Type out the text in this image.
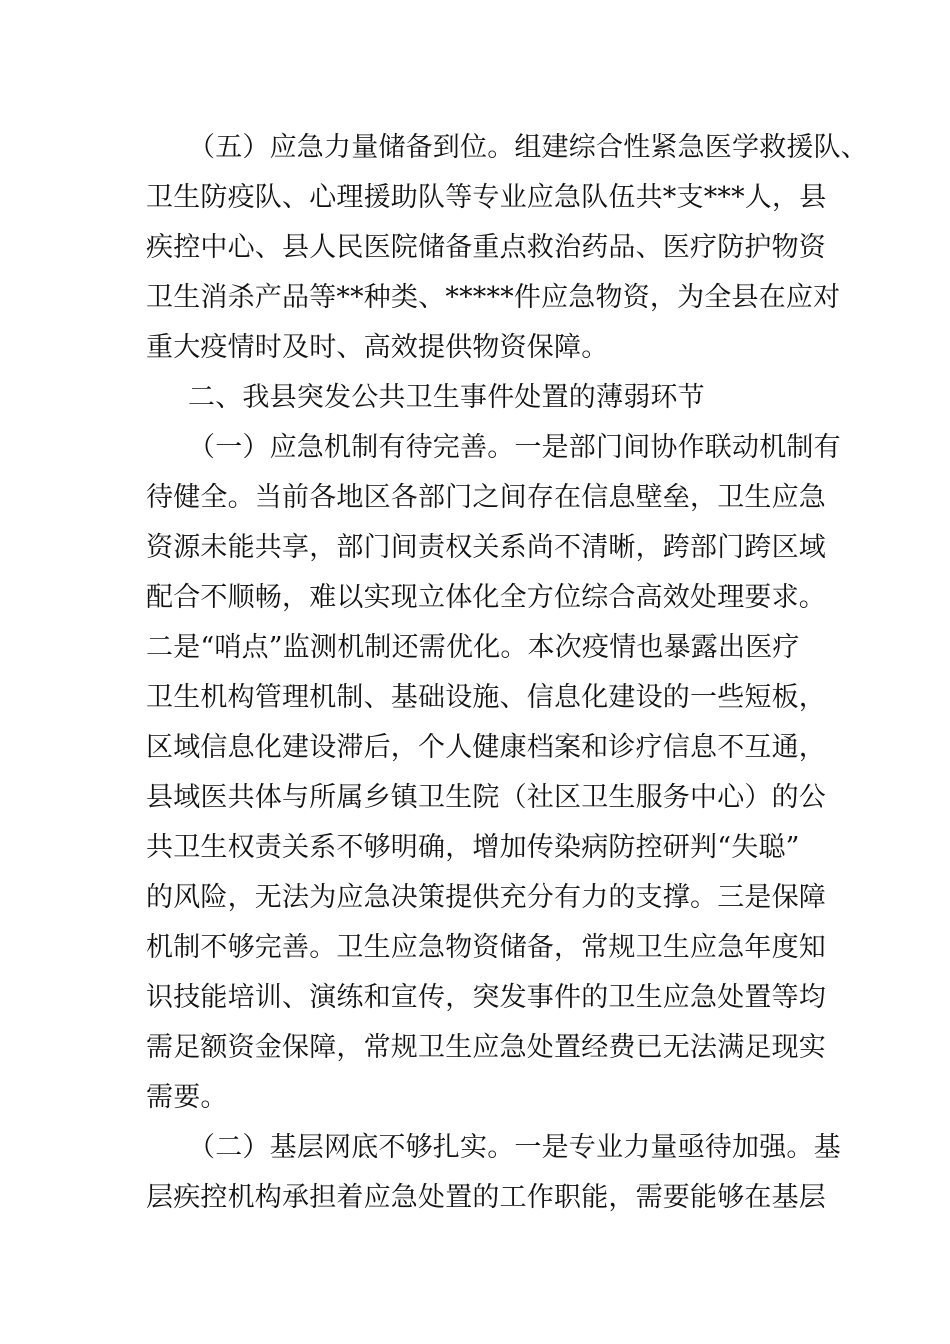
（五）应急力量储备到位。组建综合性紧急医学救援队、

卫生防疫队、心理援助队等专业应急队伍共*支***人，县

疾控中心、县人民医院储备重点救治药品、医疗防护物资

卫生消杀产品等**种类、*****件应急物资，为全县在应对

重大疫情时及时、高效提供物资保障。

二、我县突发公共卫生事件处置的薄弱环节

（一）应急机制有待完善。一是部门间协作联动机制有

待健全。当前各地区各部门之间存在信息壁垒，卫生应急

资源未能共享，部门间责权关系尚不清晰，跨部门跨区域

配合不顺畅，难以实现立体化全方位综合高效处理要求。

二是“哨点”监测机制还需优化。本次疫情也暴露出医疗

卫生机构管理机制、基础设施、信息化建设的一些短板，

区域信息化建设滞后，个人健康档案和诊疗信息不互通，

县域医共体与所属乡镇卫生院（社区卫生服务中心）的公

共卫生权责关系不够明确，增加传染病防控研判“失聪”

的风险，无法为应急决策提供充分有力的支撑。三是保障

机制不够完善。卫生应急物资储备，常规卫生应急年度知

识技能培训、演练和宣传，突发事件的卫生应急处置等均

需足额资金保障，常规卫生应急处置经费已无法满足现实

需要。

（二）基层网底不够扎实。一是专业力量亟待加强。基

层疾控机构承担着应急处置的工作职能，需要能够在基层
